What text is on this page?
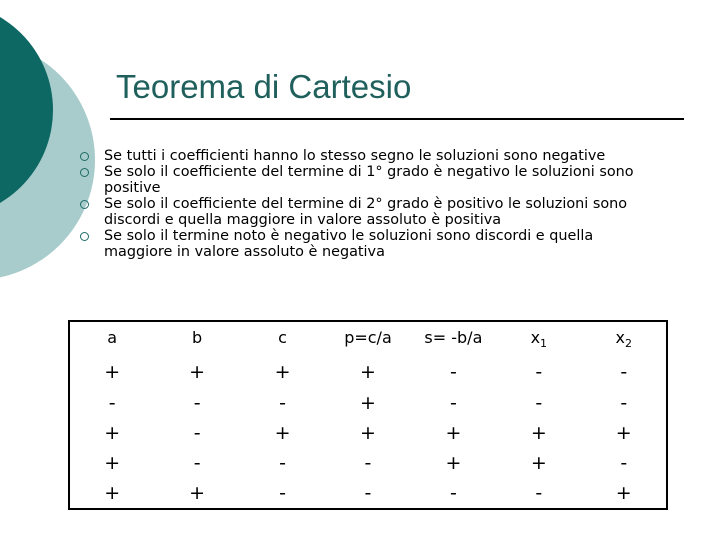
Teorema di Cartesio
Se tutti i coefficienti hanno lo stesso segno le soluzioni sono negative
Se solo il coefficiente del termine di 1° grado è negativo le soluzioni sono positive
Se solo il coefficiente del termine di 2° grado è positivo le soluzioni sono discordi e quella maggiore in valore assoluto è positiva
Se solo il termine noto è negativo le soluzioni sono discordi e quella maggiore in valore assoluto è negativa
a	b	c	p=c/a	s= -b/a	$x_1$	$x_2$
+	+	+	+	-	-	-
-	-	-	+	-	-	-
+	-	+	+	+	+	+
+	-	-	-	+	+	-
+	+	-	-	-	-	+
